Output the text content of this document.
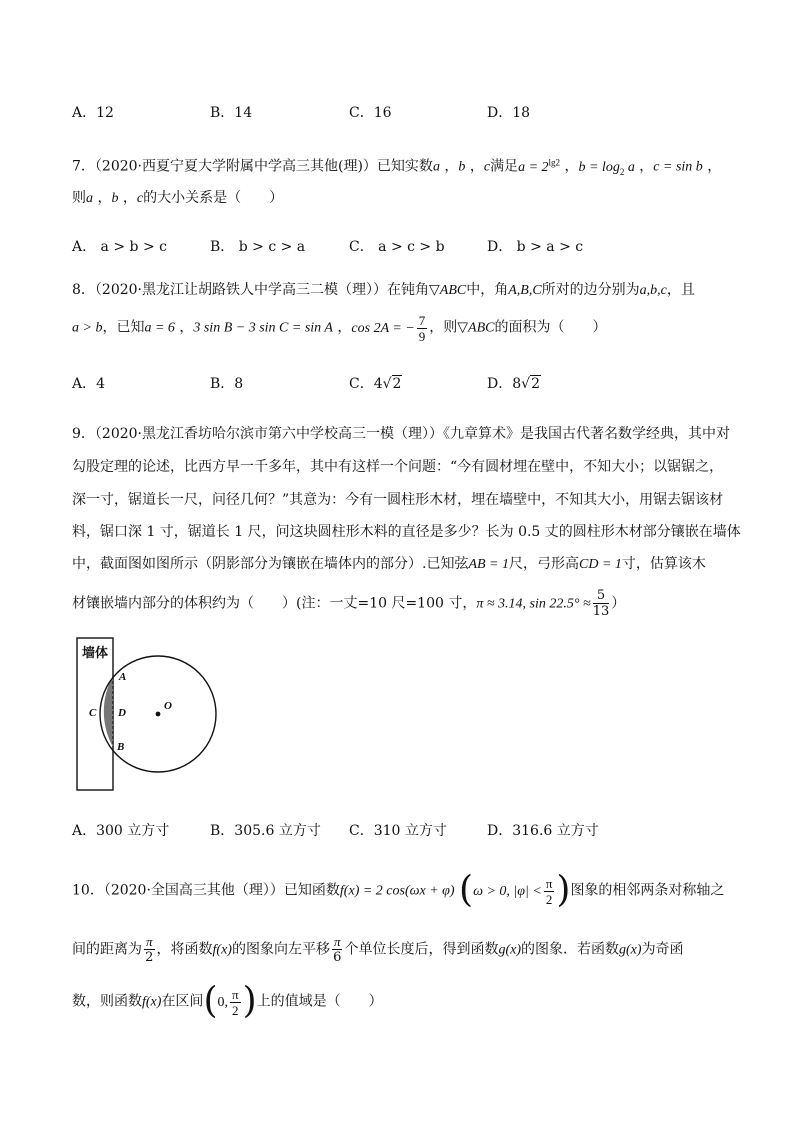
A．12	B．14	C．16	D．18
7．（2020·西夏宁夏大学附属中学高三其他(理)）已知实数a ，b ，c满足$a = 2^{lg2}$ ，$b = \log_2 a$ ，c = sin b ，
则a ，b ，c的大小关系是（　　）
A． a > b > c	B． b > c > a	C． a > c > b	D． b > a > c
8．（2020·黑龙江让胡路铁人中学高三二模（理））在钝角▽ABC中，角A,B,C所对的边分别为a,b,c，且
a > b，已知a = 6 ，3 sin B − 3 sin C = sin A ，cos 2A = − $\frac{7}{9}$ ，则▽ABC的面积为（　　）
A．4	B．8	C．4√2	D．8√2
9．（2020·黑龙江香坊哈尔滨市第六中学校高三一模（理））《九章算术》是我国古代著名数学经典，其中对
勾股定理的论述，比西方早一千多年，其中有这样一个问题：“今有圆材埋在壁中，不知大小；以锯锯之，
深一寸，锯道长一尺，问径几何？”其意为：今有一圆柱形木材，埋在墙壁中，不知其大小，用锯去锯该材
料，锯口深 1 寸，锯道长 1 尺，问这块圆柱形木料的直径是多少？长为 0.5 丈的圆柱形木材部分镶嵌在墙体
中，截面图如图所示（阴影部分为镶嵌在墙体内的部分）.已知弦AB = 1尺，弓形高CD = 1寸，估算该木
材镶嵌墙内部分的体积约为（　　）(注：一丈=10 尺=100 寸，π ≈ 3.14, $\sin 22.5^\circ \approx \frac{5}{13}$ ）
墙体
A
B
C D
O
A．300 立方寸	B．305.6 立方寸 C．310 立方寸	D．316.6 立方寸
10．（2020·全国高三其他（理））已知函数f(x) = 2 cos(ωx + φ) (ω > 0, $|\varphi| < \frac{\pi}{2}$ )图象的相邻两条对称轴之
间的距离为 $\frac{\pi}{2}$ ，将函数f(x)的图象向左平移 $\frac{\pi}{6}$ 个单位长度后，得到函数g(x)的图象．若函数g(x)为奇函
数，则函数f(x)在区间(0, $\frac{\pi}{2}$ )上的值域是（　　）
